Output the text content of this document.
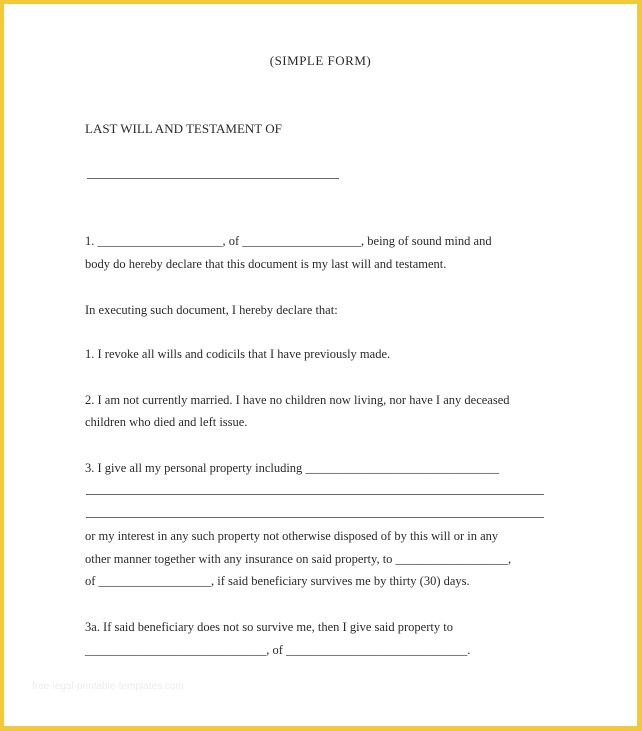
(SIMPLE FORM)
LAST WILL AND TESTAMENT OF
1. ____________________, of ___________________, being of sound mind and
body do hereby declare that this document is my last will and testament.
In executing such document, I hereby declare that:
1. I revoke all wills and codicils that I have previously made.
2. I am not currently married. I have no children now living, nor have I any deceased
children who died and left issue.
3. I give all my personal property including _______________________________
or my interest in any such property not otherwise disposed of by this will or in any
other manner together with any insurance on said property, to __________________,
of __________________, if said beneficiary survives me by thirty (30) days.
3a. If said beneficiary does not so survive me, then I give said property to
_____________________________, of _____________________________.
free-legal-printable-templates.com
